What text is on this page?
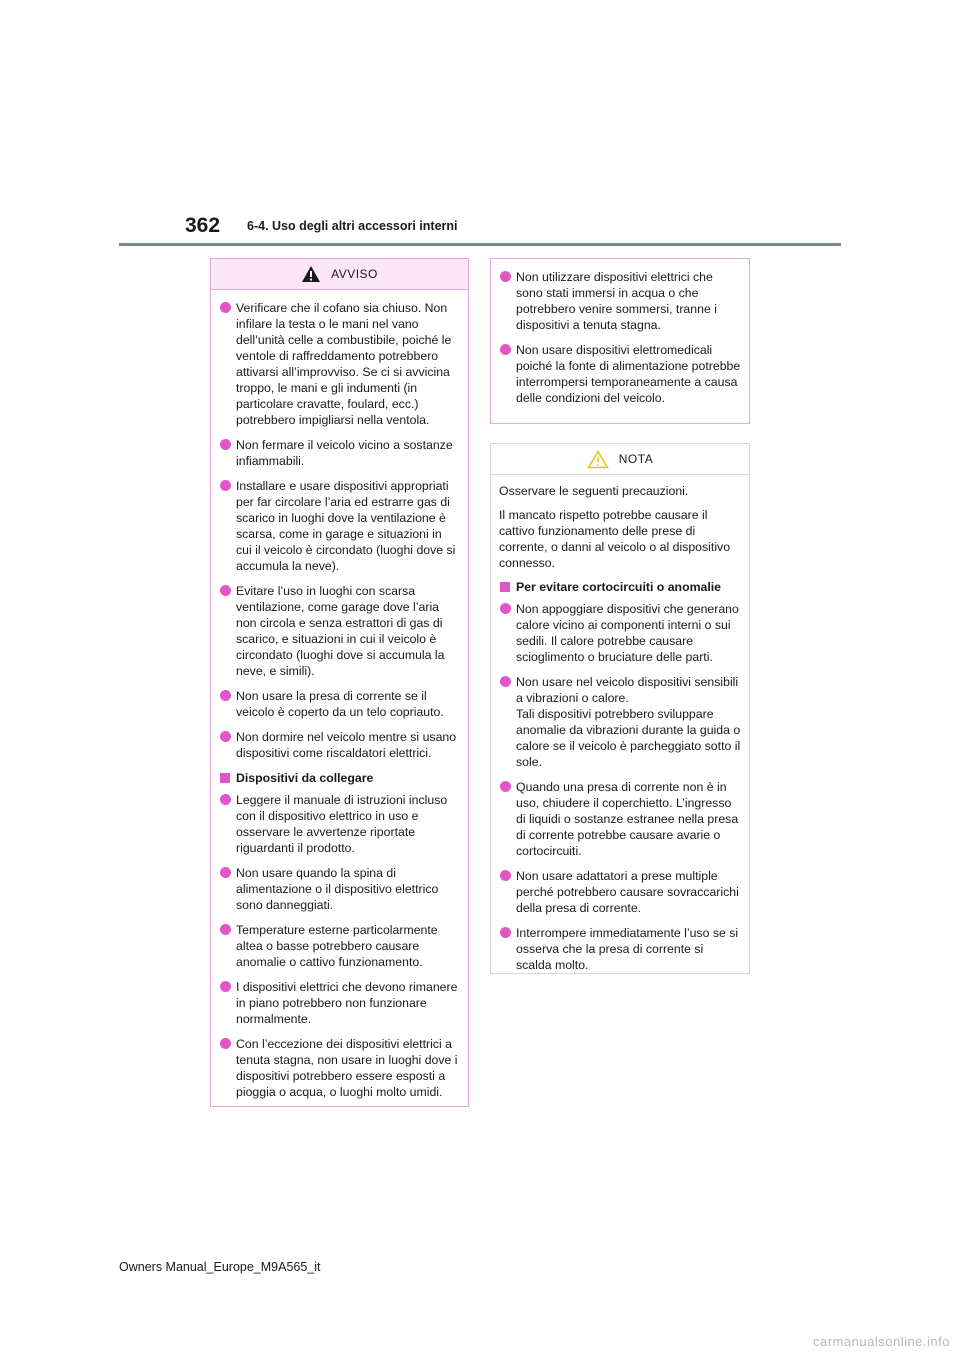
362 6-4. Uso degli altri accessori interni
AVVISO
Verificare che il cofano sia chiuso. Non infilare la testa o le mani nel vano dell’unità celle a combustibile, poiché le ventole di raffreddamento potrebbero attivarsi all’improvviso. Se ci si avvicina troppo, le mani e gli indumenti (in particolare cravatte, foulard, ecc.) potrebbero impigliarsi nella ventola.
Non fermare il veicolo vicino a sostanze infiammabili.
Installare e usare dispositivi appropriati per far circolare l’aria ed estrarre gas di scarico in luoghi dove la ventilazione è scarsa, come in garage e situazioni in cui il veicolo è circondato (luoghi dove si accumula la neve).
Evitare l’uso in luoghi con scarsa ventilazione, come garage dove l’aria non circola e senza estrattori di gas di scarico, e situazioni in cui il veicolo è circondato (luoghi dove si accumula la neve, e simili).
Non usare la presa di corrente se il veicolo è coperto da un telo copriauto.
Non dormire nel veicolo mentre si usano dispositivi come riscaldatori elettrici.
Dispositivi da collegare
Leggere il manuale di istruzioni incluso con il dispositivo elettrico in uso e osservare le avvertenze riportate riguardanti il prodotto.
Non usare quando la spina di alimentazione o il dispositivo elettrico sono danneggiati.
Temperature esterne particolarmente altea o basse potrebbero causare anomalie o cattivo funzionamento.
I dispositivi elettrici che devono rimanere in piano potrebbero non funzionare normalmente.
Con l’eccezione dei dispositivi elettrici a tenuta stagna, non usare in luoghi dove i dispositivi potrebbero essere esposti a pioggia o acqua, o luoghi molto umidi.
Non utilizzare dispositivi elettrici che sono stati immersi in acqua o che potrebbero venire sommersi, tranne i dispositivi a tenuta stagna.
Non usare dispositivi elettromedicali poiché la fonte di alimentazione potrebbe interrompersi temporaneamente a causa delle condizioni del veicolo.
NOTA
Osservare le seguenti precauzioni.
Il mancato rispetto potrebbe causare il cattivo funzionamento delle prese di corrente, o danni al veicolo o al dispositivo connesso.
Per evitare cortocircuiti o anomalie
Non appoggiare dispositivi che generano calore vicino ai componenti interni o sui sedili. Il calore potrebbe causare scioglimento o bruciature delle parti.
Non usare nel veicolo dispositivi sensibili a vibrazioni o calore.
Tali dispositivi potrebbero sviluppare anomalie da vibrazioni durante la guida o calore se il veicolo è parcheggiato sotto il sole.
Quando una presa di corrente non è in uso, chiudere il coperchietto. L’ingresso di liquidi o sostanze estranee nella presa di corrente potrebbe causare avarie o cortocircuiti.
Non usare adattatori a prese multiple perché potrebbero causare sovraccarichi della presa di corrente.
Interrompere immediatamente l’uso se si osserva che la presa di corrente si scalda molto.
Owners Manual_Europe_M9A565_it
carmanualsonline.info
